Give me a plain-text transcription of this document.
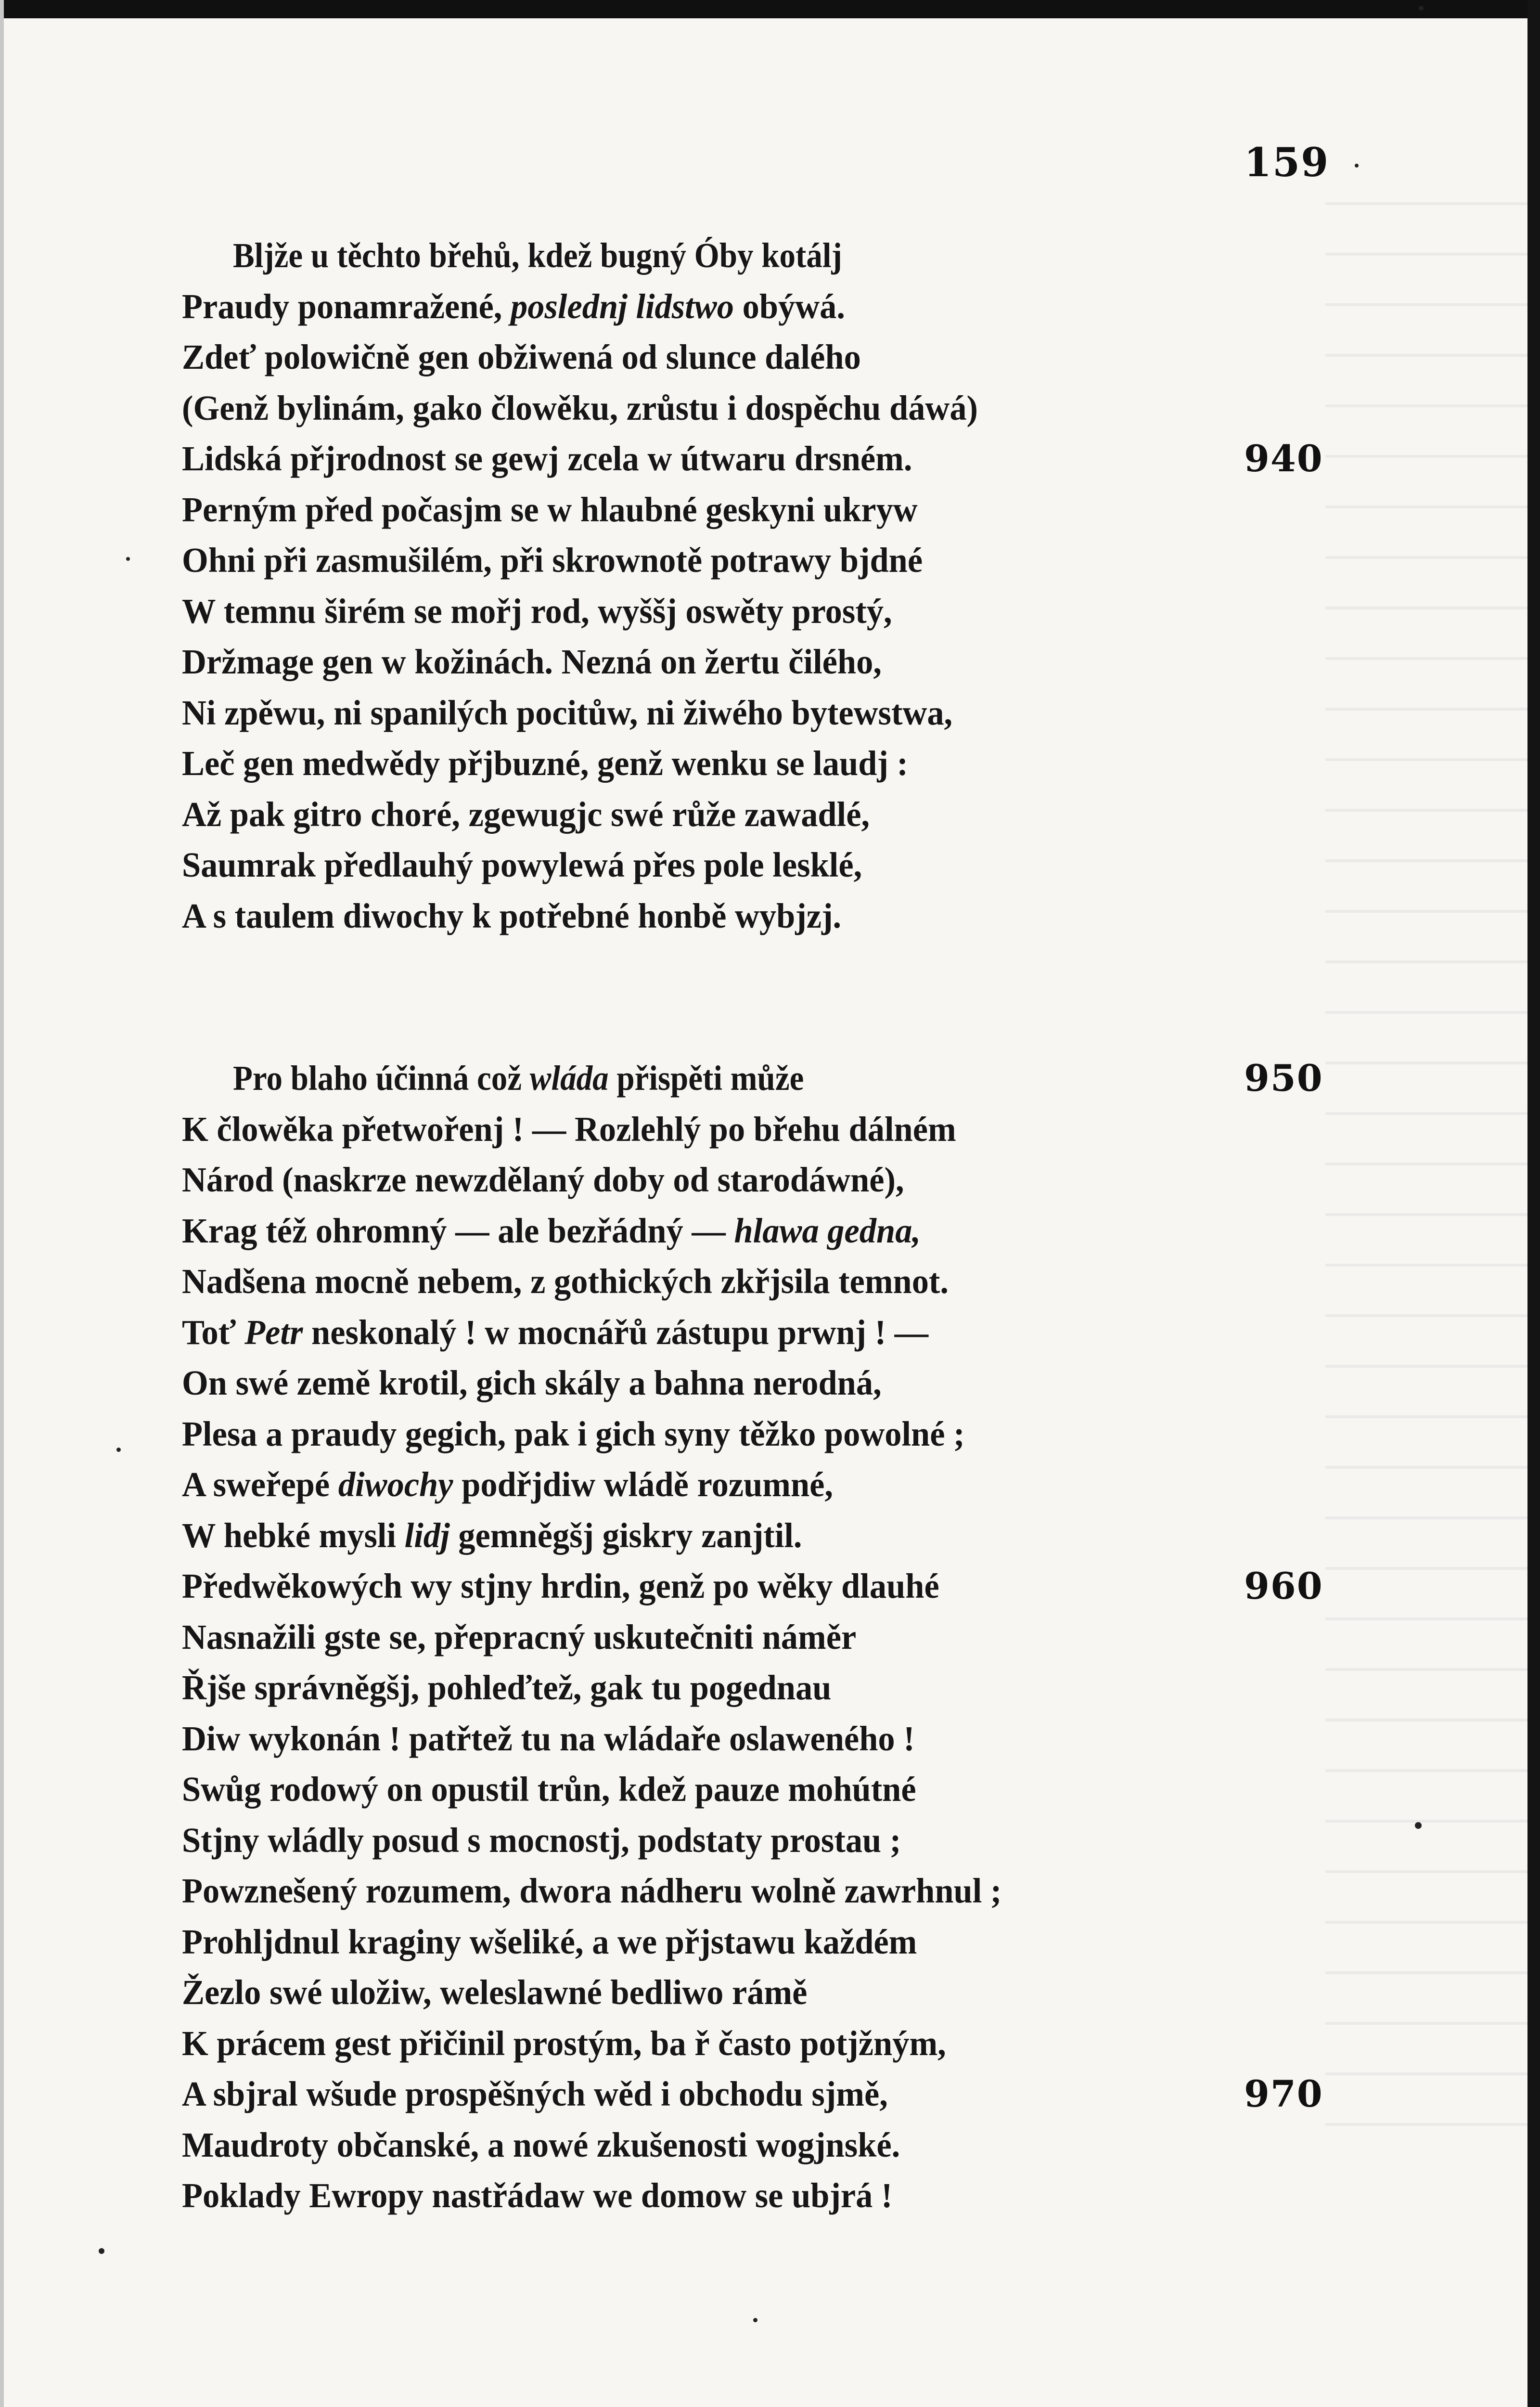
159
Bljže u těchto břehů, kdež bugný Óby kotálj
Praudy ponamražené, poslednj lidstwo obýwá.
Zdeť polowičně gen obžiwená od slunce dalého
(Genž bylinám, gako člowěku, zrůstu i dospěchu dáwá)
Lidská přjrodnost se gewj zcela w útwaru drsném.	940
Perným před počasjm se w hlaubné geskyni ukryw
Ohni při zasmušilém, při skrownotě potrawy bjdné
W temnu širém se mořj rod, wyššj oswěty prostý,
Držmage gen w kožinách. Nezná on žertu čilého,
Ni zpěwu, ni spanilých pocitůw, ni žiwého bytewstwa,
Leč gen medwědy přjbuzné, genž wenku se laudj :
Až pak gitro choré, zgewugjc swé růže zawadlé,
Saumrak předlauhý powylewá přes pole lesklé,
A s taulem diwochy k potřebné honbě wybjzj.
Pro blaho účinná což wláda přispěti může	950
K člowěka přetwořenj ! — Rozlehlý po břehu dálném
Národ (naskrze newzdělaný doby od starodáwné),
Krag též ohromný — ale bezřádný — hlawa gedna,
Nadšena mocně nebem, z gothických zkřjsila temnot.
Toť Petr neskonalý ! w mocnářů zástupu prwnj ! —
On swé země krotil, gich skály a bahna nerodná,
Plesa a praudy gegich, pak i gich syny těžko powolné ;
A sweřepé diwochy podřjdiw wládě rozumné,
W hebké mysli lidj gemněgšj giskry zanjtil.
Předwěkowých wy stjny hrdin, genž po wěky dlauhé	960
Nasnažili gste se, přepracný uskutečniti náměr
Řjše správněgšj, pohleďtež, gak tu pogednau
Diw wykonán ! patřtež tu na wládaře oslaweného !
Swůg rodowý on opustil trůn, kdež pauze mohútné
Stjny wládly posud s mocnostj, podstaty prostau ;
Powznešený rozumem, dwora nádheru wolně zawrhnul ;
Prohljdnul kraginy wšeliké, a we přjstawu každém
Žezlo swé uložiw, weleslawné bedliwo rámě
K prácem gest přičinil prostým, ba ř často potjžným,
A sbjral wšude prospěšných wěd i obchodu sjmě,	970
Maudroty občanské, a nowé zkušenosti wogjnské.
Poklady Ewropy nastřádaw we domow se ubjrá !
